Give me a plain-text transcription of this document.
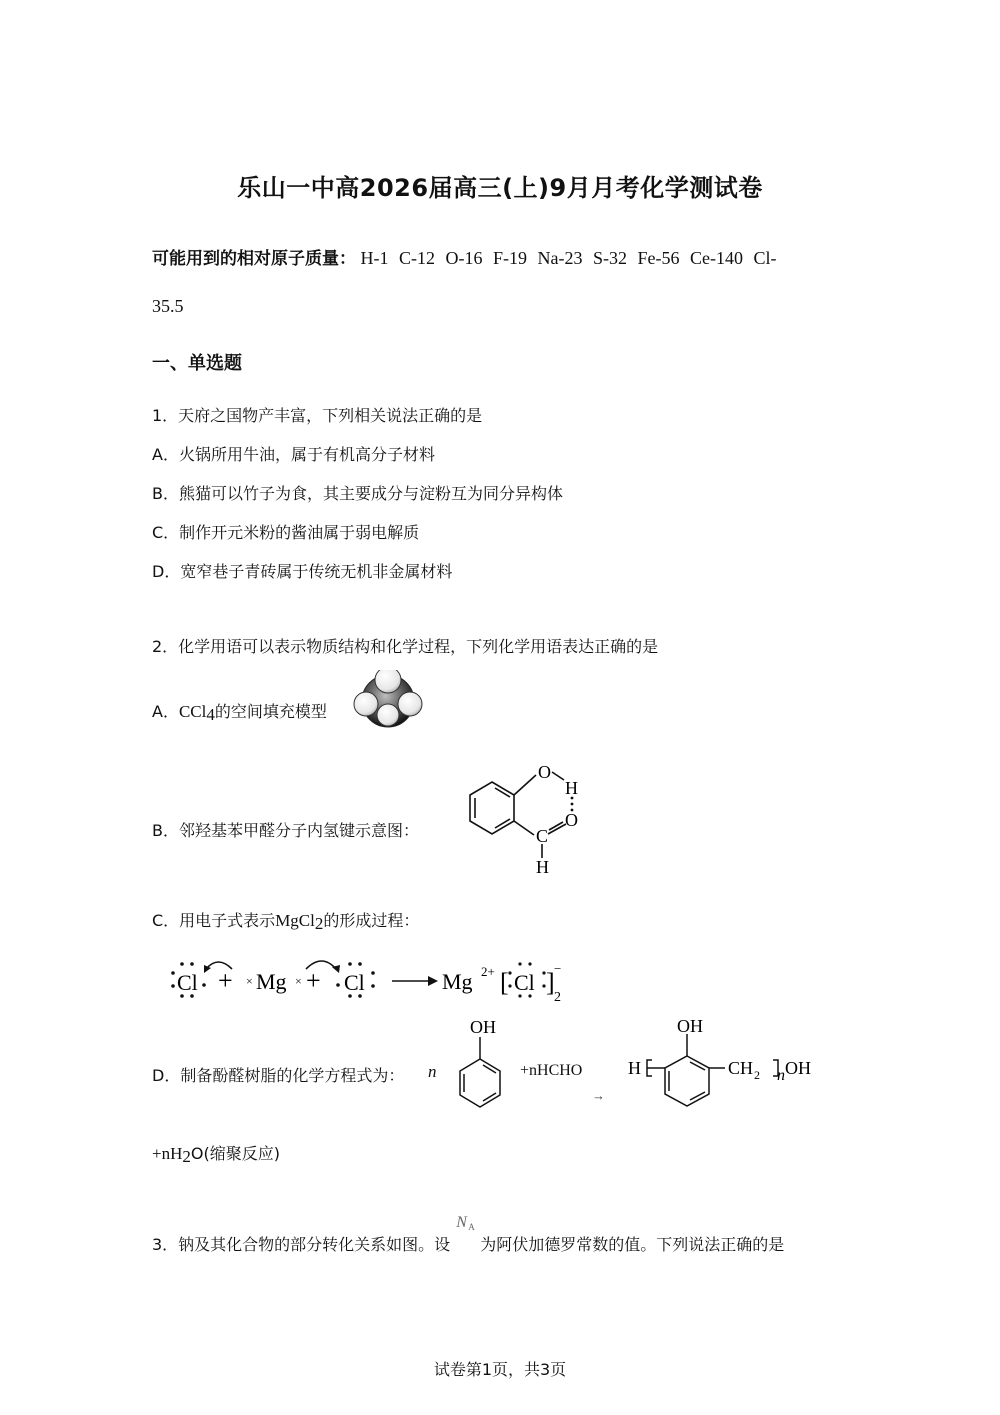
乐山一中高2026届高三(上)9月月考化学测试卷
可能用到的相对原子质量： H-1 C-12 O-16 F-19 Na-23 S-32 Fe-56 Ce-140 Cl-
35.5
一、单选题
1．天府之国物产丰富，下列相关说法正确的是
A．火锅所用牛油，属于有机高分子材料
B．熊猫可以竹子为食，其主要成分与淀粉互为同分异构体
C．制作开元米粉的酱油属于弱电解质
D．宽窄巷子青砖属于传统无机非金属材料
2．化学用语可以表示物质结构和化学过程，下列化学用语表达正确的是
A．CCl4的空间填充模型
B．邻羟基苯甲醛分子内氢键示意图：
O
H
C
O
H
C．用电子式表示MgCl2的形成过程：
Cl + × Mg × + Cl	Mg 2+ [ Cl ] −
2
D．制备酚醛树脂的化学方程式为： n
OH
+nHCHO
→
H
OH
CH 2 n OH
+nH2O(缩聚反应)
3．钠及其化合物的部分转化关系如图。设
N A
为阿伏加德罗常数的值。下列说法正确的是
试卷第1页，共3页
